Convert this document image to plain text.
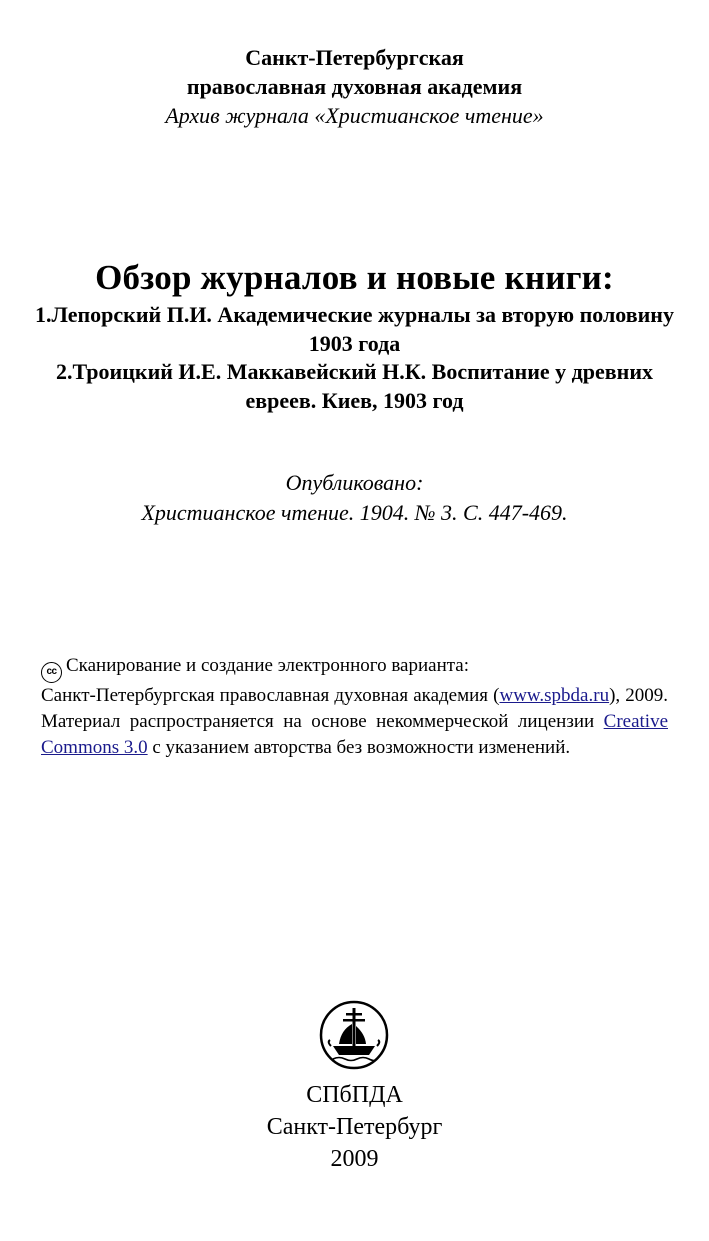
Санкт-Петербургская
православная духовная академия
Архив журнала «Христианское чтение»
Обзор журналов и новые книги:
1.Лепорский П.И. Академические журналы за вторую половину 1903 года
2.Троицкий И.Е. Маккавейский Н.К. Воспитание у древних евреев. Киев, 1903 год
Опубликовано:
Христианское чтение. 1904. № 3. С. 447-469.
cc Сканирование и создание электронного варианта:
Санкт-Петербургская православная духовная академия (www.spbda.ru), 2009. Материал распространяется на основе некоммерческой лицензии Creative Commons 3.0 с указанием авторства без возможности изменений.
СПбПДА
Санкт-Петербург
2009
